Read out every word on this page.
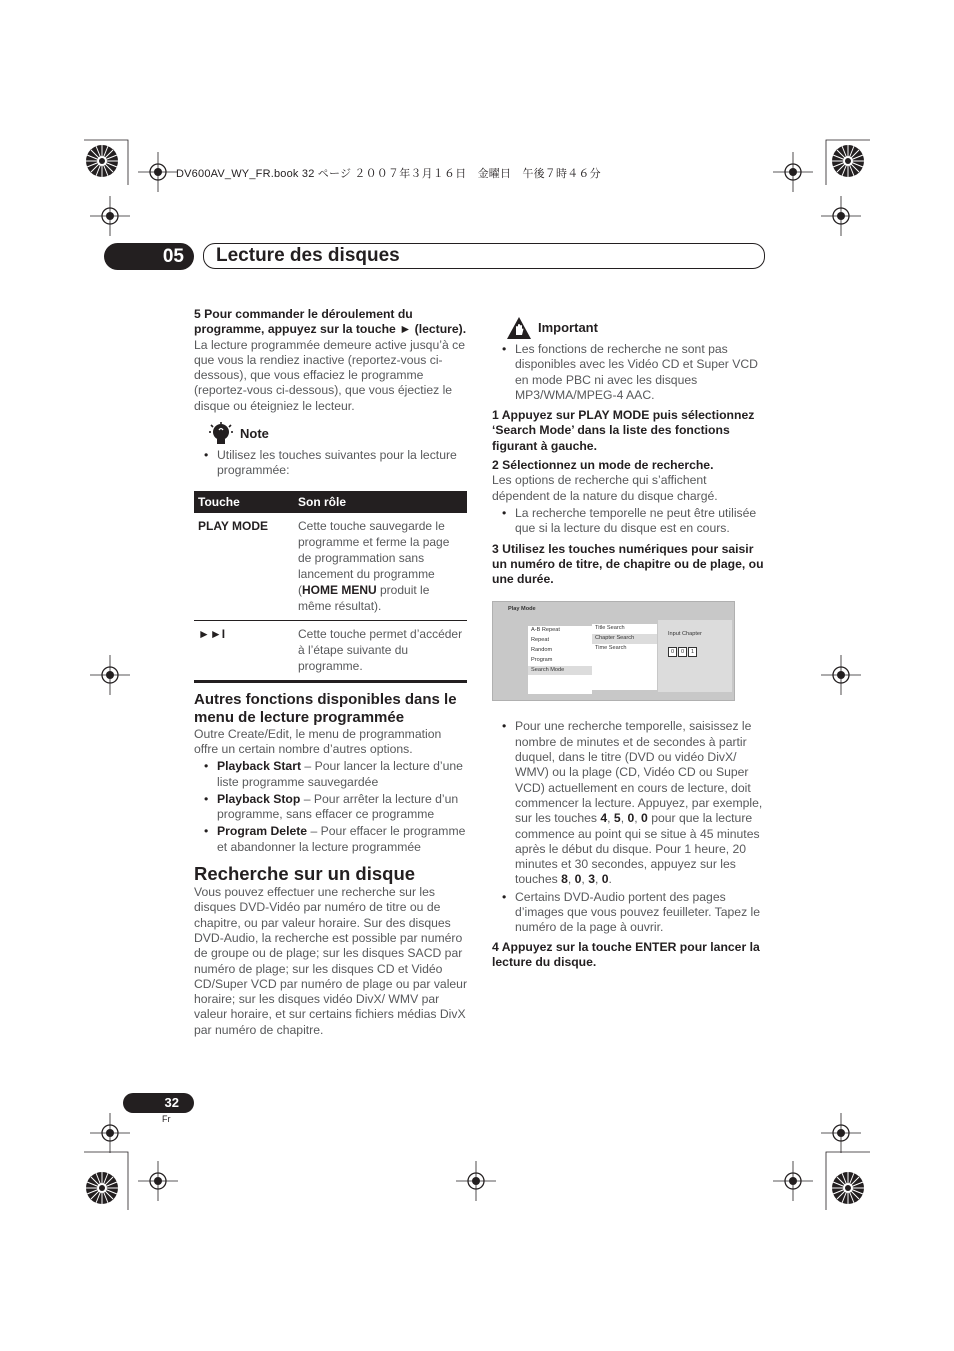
DV600AV_WY_FR.book 32 ページ ２００７年３月１６日　金曜日　午後７時４６分
05	Lecture des disques

5 Pour commander le déroulement du programme, appuyez sur la touche ► (lecture).

La lecture programmée demeure active jusqu’à ce que vous la rendiez inactive (reportez-vous ci-dessous), que vous effaciez le programme (reportez-vous ci-dessous), que vous éjectiez le disque ou éteigniez le lecteur.

Note
• Utilisez les touches suivantes pour la lecture programmée:
Touche	Son rôle
PLAY MODE	Cette touche sauvegarde le programme et ferme la page de programmation sans lancement du programme (HOME MENU produit le même résultat).
►►I	Cette touche permet d’accéder à l’étape suivante du programme.

Autres fonctions disponibles dans le menu de lecture programmée

Outre Create/Edit, le menu de programmation offre un certain nombre d’autres options.

• Playback Start – Pour lancer la lecture d’une liste programme sauvegardée
• Playback Stop – Pour arrêter la lecture d’un programme, sans effacer ce programme
• Program Delete – Pour effacer le programme et abandonner la lecture programmée

Recherche sur un disque

Vous pouvez effectuer une recherche sur les disques DVD-Vidéo par numéro de titre ou de chapitre, ou par valeur horaire. Sur des disques DVD-Audio, la recherche est possible par numéro de groupe ou de plage; sur les disques SACD par numéro de plage; sur les disques CD et Vidéo CD/Super VCD par numéro de plage ou par valeur horaire; sur les disques vidéo DivX/ WMV par valeur horaire, et sur certains fichiers médias DivX par numéro de chapitre.

Important
• Les fonctions de recherche ne sont pas disponibles avec les Vidéo CD et Super VCD en mode PBC ni avec les disques MP3/WMA/MPEG-4 AAC.

1 Appuyez sur PLAY MODE puis sélectionnez ‘Search Mode’ dans la liste des fonctions figurant à gauche.

2 Sélectionnez un mode de recherche.

Les options de recherche qui s’affichent dépendent de la nature du disque chargé.

• La recherche temporelle ne peut être utilisée que si la lecture du disque est en cours.

3 Utilisez les touches numériques pour saisir un numéro de titre, de chapitre ou de plage, ou une durée.

Play Mode
A-B Repeat
Repeat
Random
Program
Search Mode
Title Search
Chapter Search
Time Search
Input Chapter
0	0	1
• Pour une recherche temporelle, saisissez le nombre de minutes et de secondes à partir duquel, dans le titre (DVD ou vidéo DivX/ WMV) ou la plage (CD, Vidéo CD ou Super VCD) actuellement en cours de lecture, doit commencer la lecture. Appuyez, par exemple, sur les touches 4, 5, 0, 0 pour que la lecture commence au point qui se situe à 45 minutes après le début du disque. Pour 1 heure, 20 minutes et 30 secondes, appuyez sur les touches 8, 0, 3, 0.
• Certains DVD-Audio portent des pages d’images que vous pouvez feuilleter. Tapez le numéro de la page à ouvrir.

4 Appuyez sur la touche ENTER pour lancer la lecture du disque.

32
Fr
